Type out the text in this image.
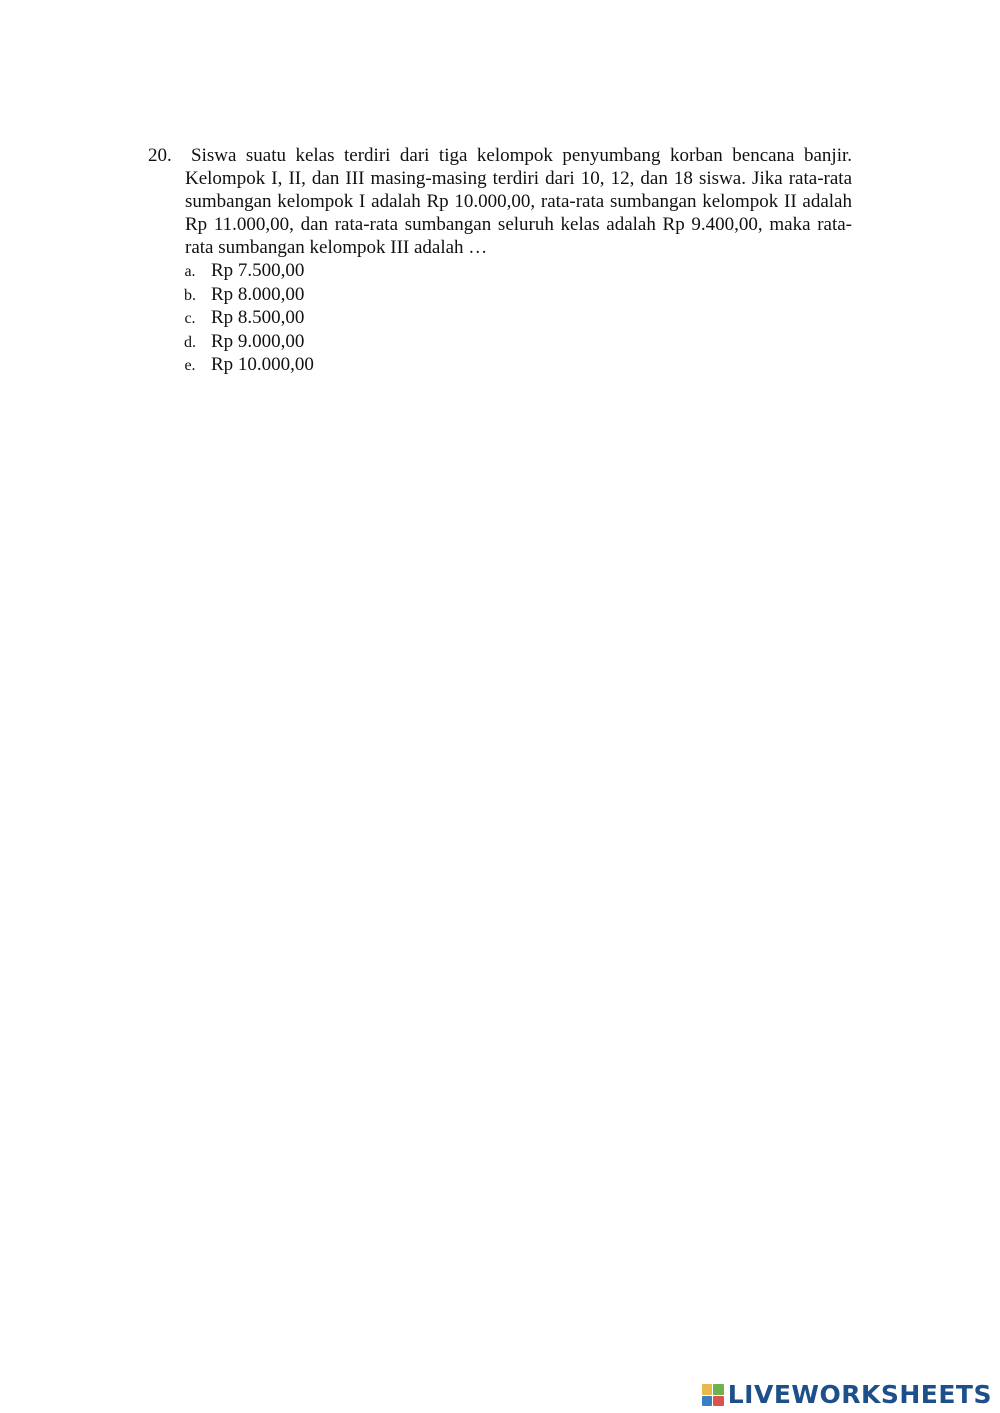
20.	Siswa suatu kelas terdiri dari tiga kelompok penyumbang korban bencana banjir. Kelompok I, II, dan III masing-masing terdiri dari 10, 12, dan 18 siswa. Jika rata-rata sumbangan kelompok I adalah Rp 10.000,00, rata-rata sumbangan kelompok II adalah Rp 11.000,00, dan rata-rata sumbangan seluruh kelas adalah Rp 9.400,00, maka rata-rata sumbangan kelompok III adalah …
a. Rp 7.500,00
b. Rp 8.000,00
c. Rp 8.500,00
d. Rp 9.000,00
e. Rp 10.000,00
LIVEWORKSHEETS
